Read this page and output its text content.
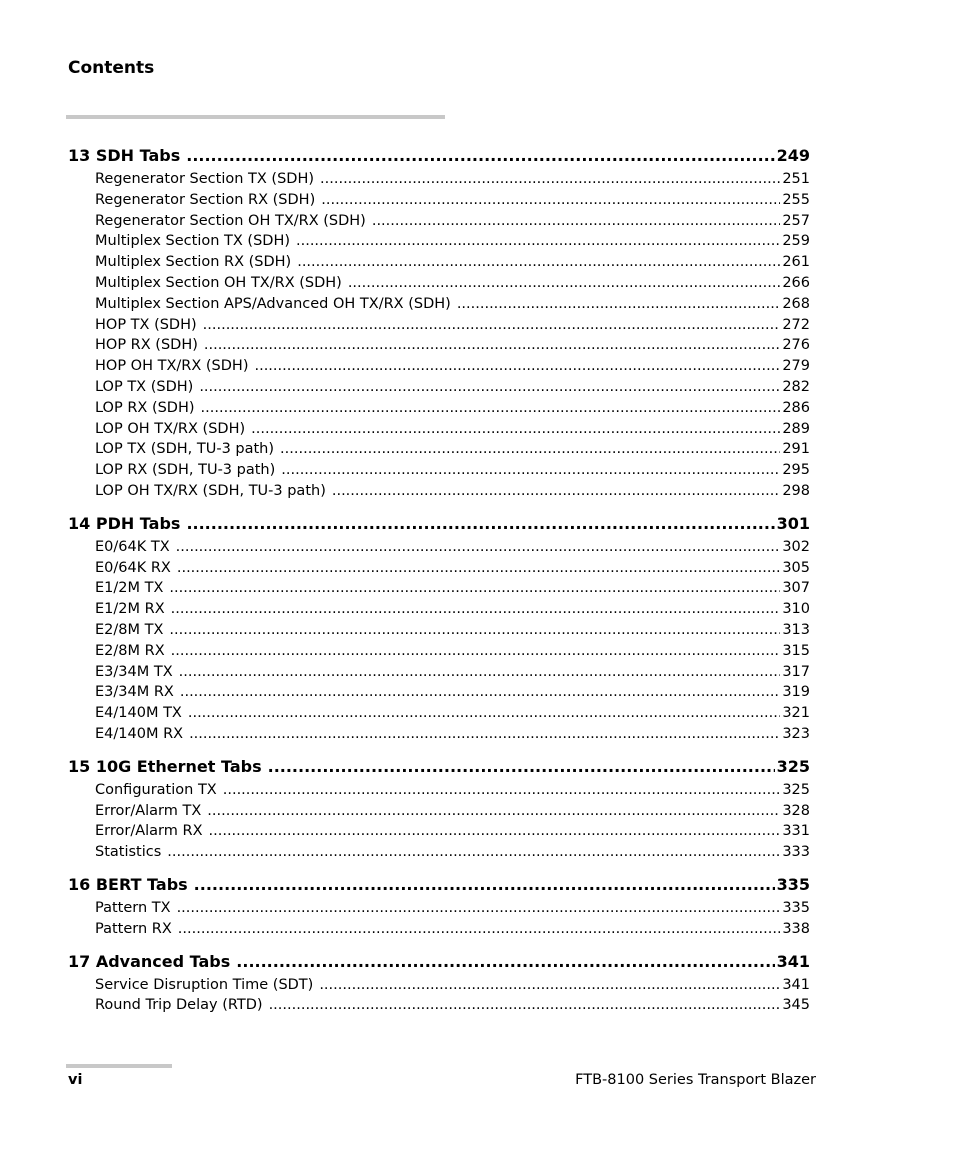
Contents
13 SDH Tabs .....	249
Regenerator Section TX (SDH) .....	251
Regenerator Section RX (SDH) .....	255
Regenerator Section OH TX/RX (SDH) .....	257
Multiplex Section TX (SDH) .....	259
Multiplex Section RX (SDH) .....	261
Multiplex Section OH TX/RX (SDH) .....	266
Multiplex Section APS/Advanced OH TX/RX (SDH) .....	268
HOP TX (SDH) .....	272
HOP RX (SDH) .....	276
HOP OH TX/RX (SDH) .....	279
LOP TX (SDH) .....	282
LOP RX (SDH) .....	286
LOP OH TX/RX (SDH) .....	289
LOP TX (SDH, TU-3 path) .....	291
LOP RX (SDH, TU-3 path) .....	295
LOP OH TX/RX (SDH, TU-3 path) .....	298
14 PDH Tabs .....	301
E0/64K TX .....	302
E0/64K RX .....	305
E1/2M TX .....	307
E1/2M RX .....	310
E2/8M TX .....	313
E2/8M RX .....	315
E3/34M TX .....	317
E3/34M RX .....	319
E4/140M TX .....	321
E4/140M RX .....	323
15 10G Ethernet Tabs .....	325
Configuration TX .....	325
Error/Alarm TX .....	328
Error/Alarm RX .....	331
Statistics .....	333
16 BERT Tabs .....	335
Pattern TX .....	335
Pattern RX .....	338
17 Advanced Tabs .....	341
Service Disruption Time (SDT) .....	341
Round Trip Delay (RTD) .....	345
vi	FTB-8100 Series Transport Blazer
